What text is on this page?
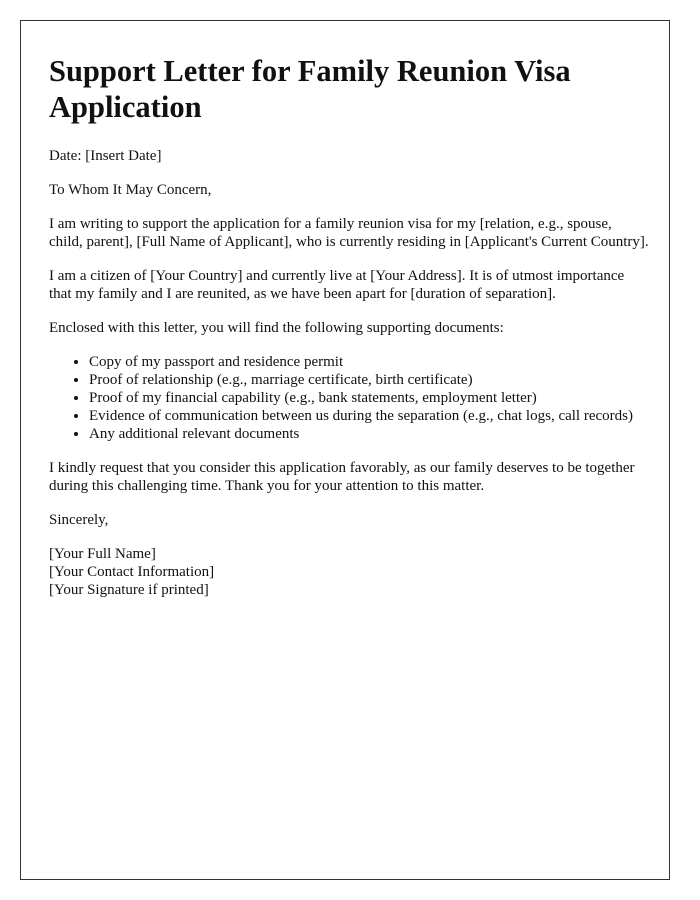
Support Letter for Family Reunion Visa Application

Date: [Insert Date]

To Whom It May Concern,

I am writing to support the application for a family reunion visa for my [relation, e.g., spouse, child, parent], [Full Name of Applicant], who is currently residing in [Applicant's Current Country].

I am a citizen of [Your Country] and currently live at [Your Address]. It is of utmost importance that my family and I are reunited, as we have been apart for [duration of separation].

Enclosed with this letter, you will find the following supporting documents:

• Copy of my passport and residence permit
• Proof of relationship (e.g., marriage certificate, birth certificate)
• Proof of my financial capability (e.g., bank statements, employment letter)
• Evidence of communication between us during the separation (e.g., chat logs, call records)
• Any additional relevant documents

I kindly request that you consider this application favorably, as our family deserves to be together during this challenging time. Thank you for your attention to this matter.

Sincerely,

[Your Full Name]

[Your Contact Information]

[Your Signature if printed]
